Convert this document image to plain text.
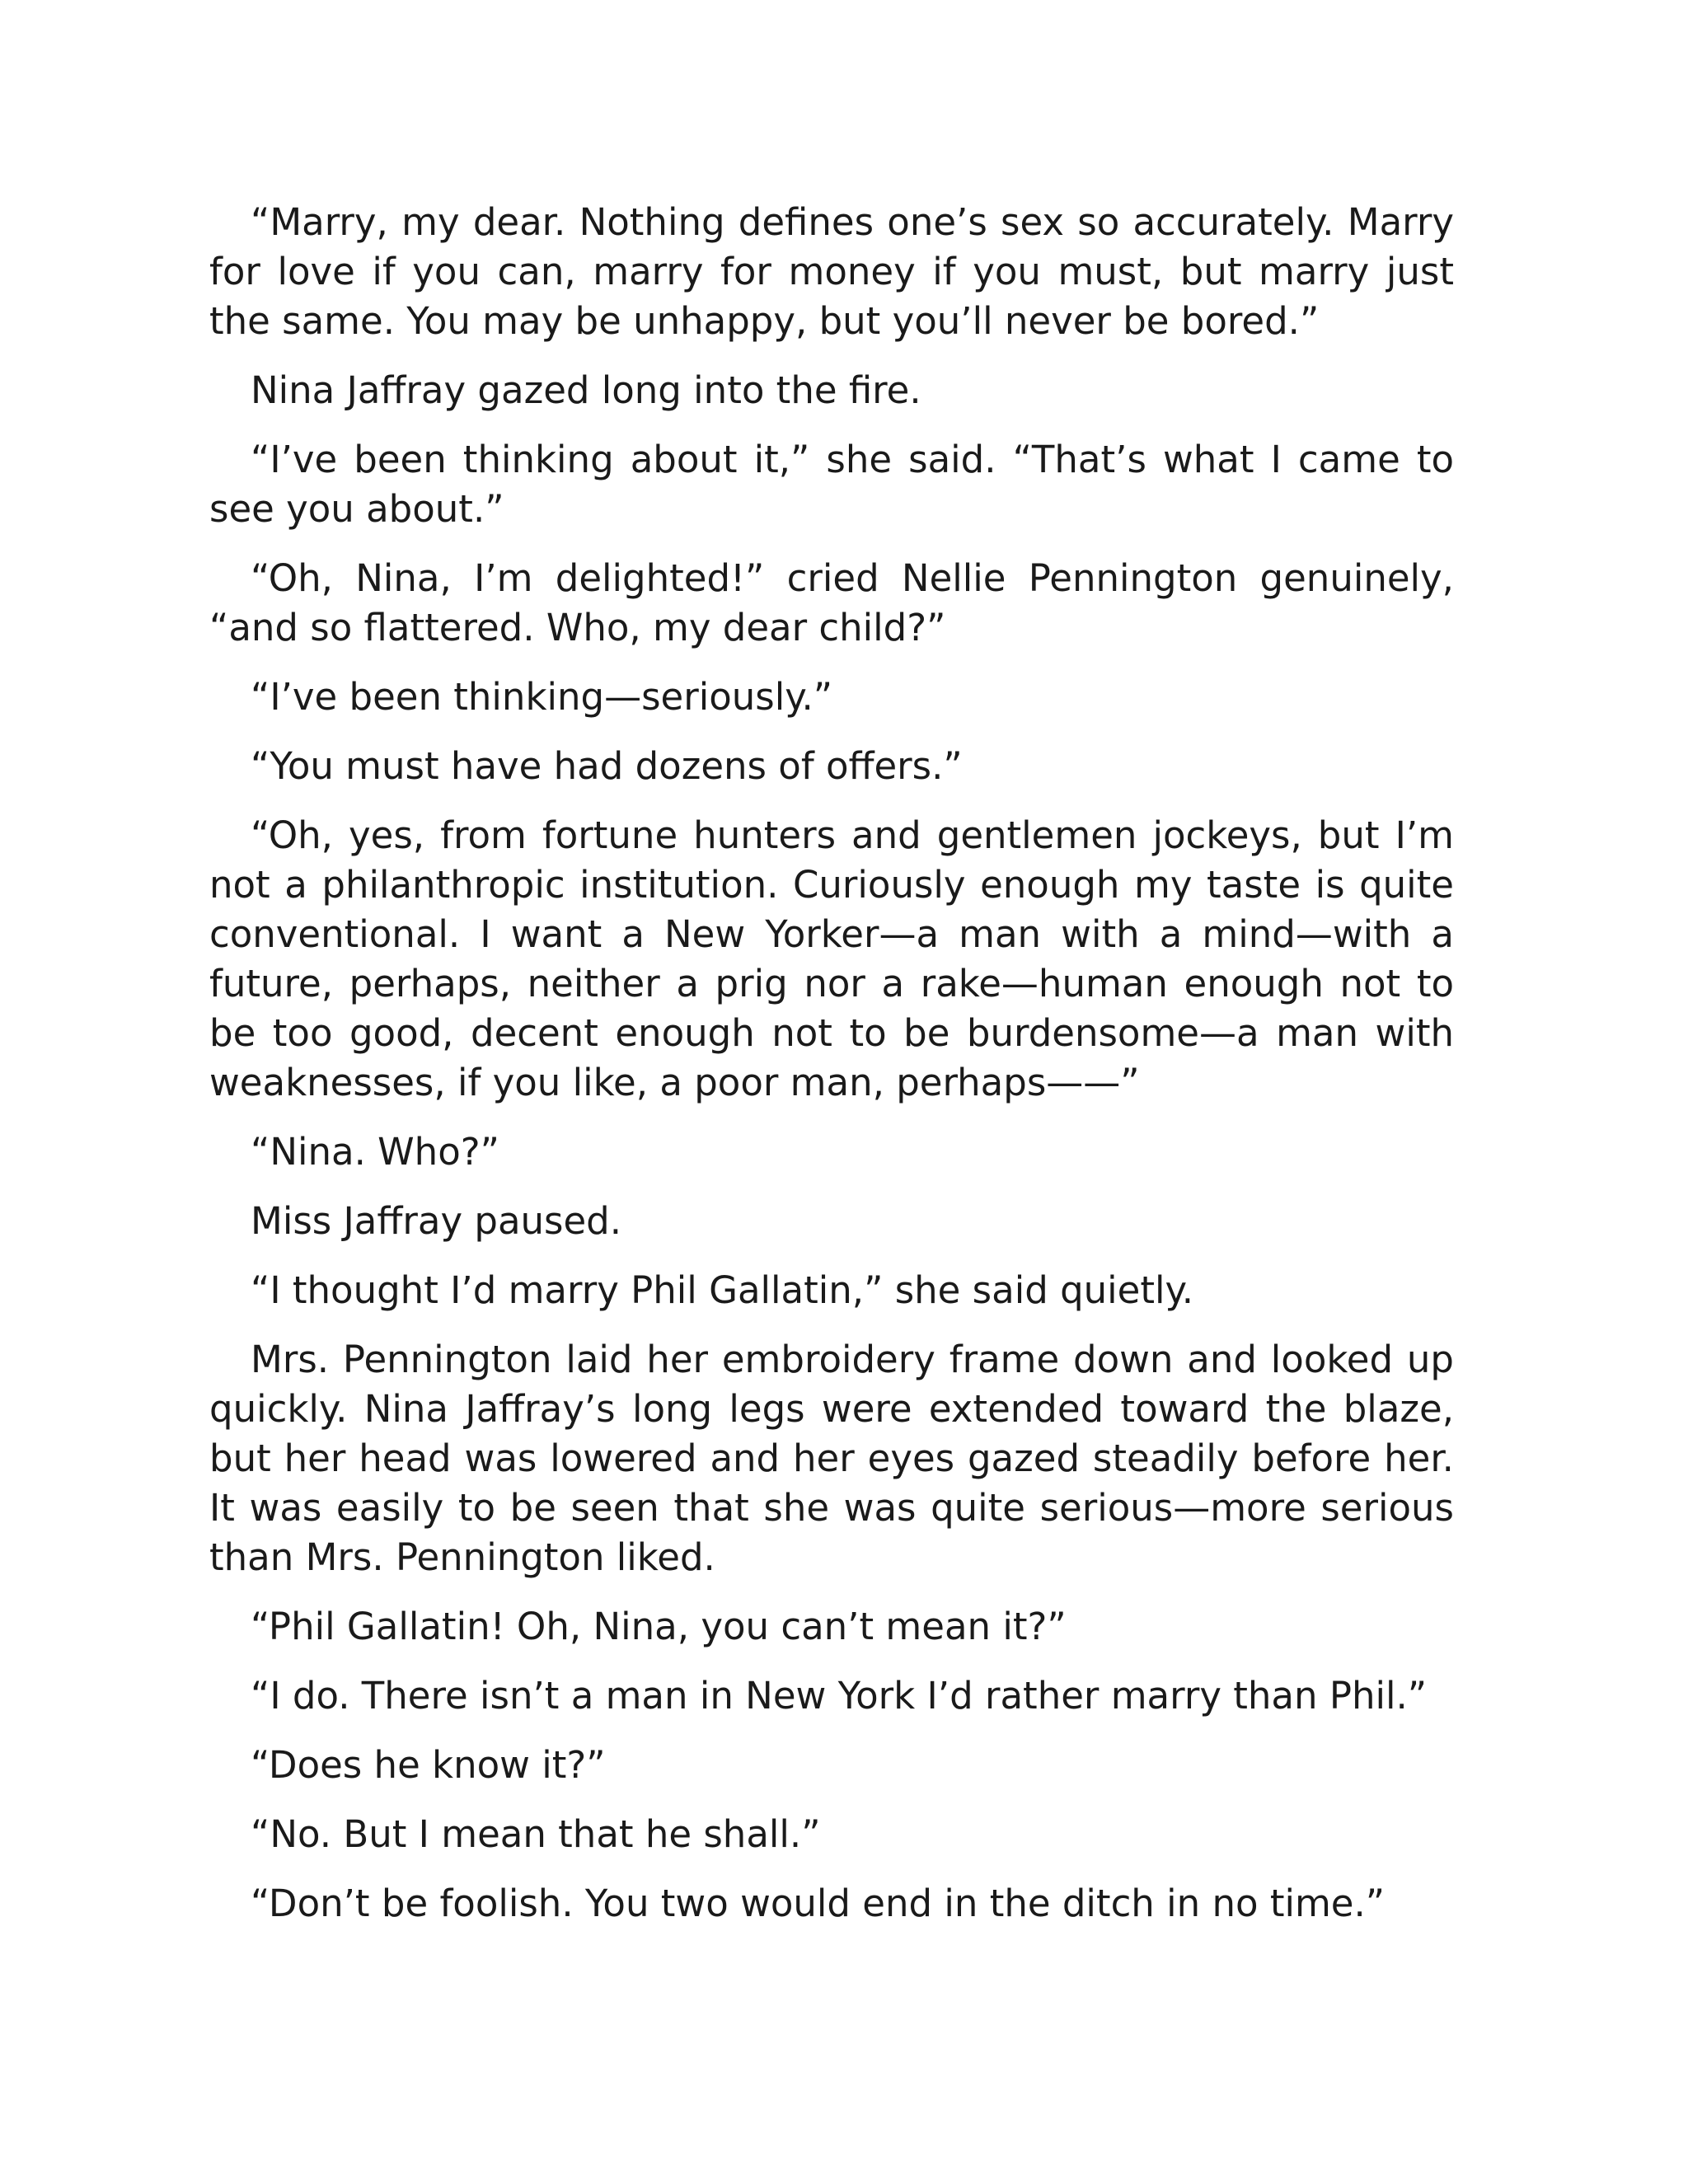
“Marry, my dear. Nothing defines one’s sex so accurately. Marry for love if you can, marry for money if you must, but marry just the same. You may be unhappy, but you’ll never be bored.”

Nina Jaffray gazed long into the fire.

“I’ve been thinking about it,” she said. “That’s what I came to see you about.”

“Oh, Nina, I’m delighted!” cried Nellie Pennington genuinely, “and so flattered. Who, my dear child?”

“I’ve been thinking—seriously.”

“You must have had dozens of offers.”

“Oh, yes, from fortune hunters and gentlemen jockeys, but I’m not a philanthropic institution. Curiously enough my taste is quite conventional. I want a New Yorker—a man with a mind—with a future, perhaps, neither a prig nor a rake—human enough not to be too good, decent enough not to be burdensome—a man with weaknesses, if you like, a poor man, perhaps——”

“Nina. Who?”

Miss Jaffray paused.

“I thought I’d marry Phil Gallatin,” she said quietly.

Mrs. Pennington laid her embroidery frame down and looked up quickly. Nina Jaffray’s long legs were extended toward the blaze, but her head was lowered and her eyes gazed steadily before her. It was easily to be seen that she was quite serious—more serious than Mrs. Pennington liked.

“Phil Gallatin! Oh, Nina, you can’t mean it?”

“I do. There isn’t a man in New York I’d rather marry than Phil.”

“Does he know it?”

“No. But I mean that he shall.”

“Don’t be foolish. You two would end in the ditch in no time.”
